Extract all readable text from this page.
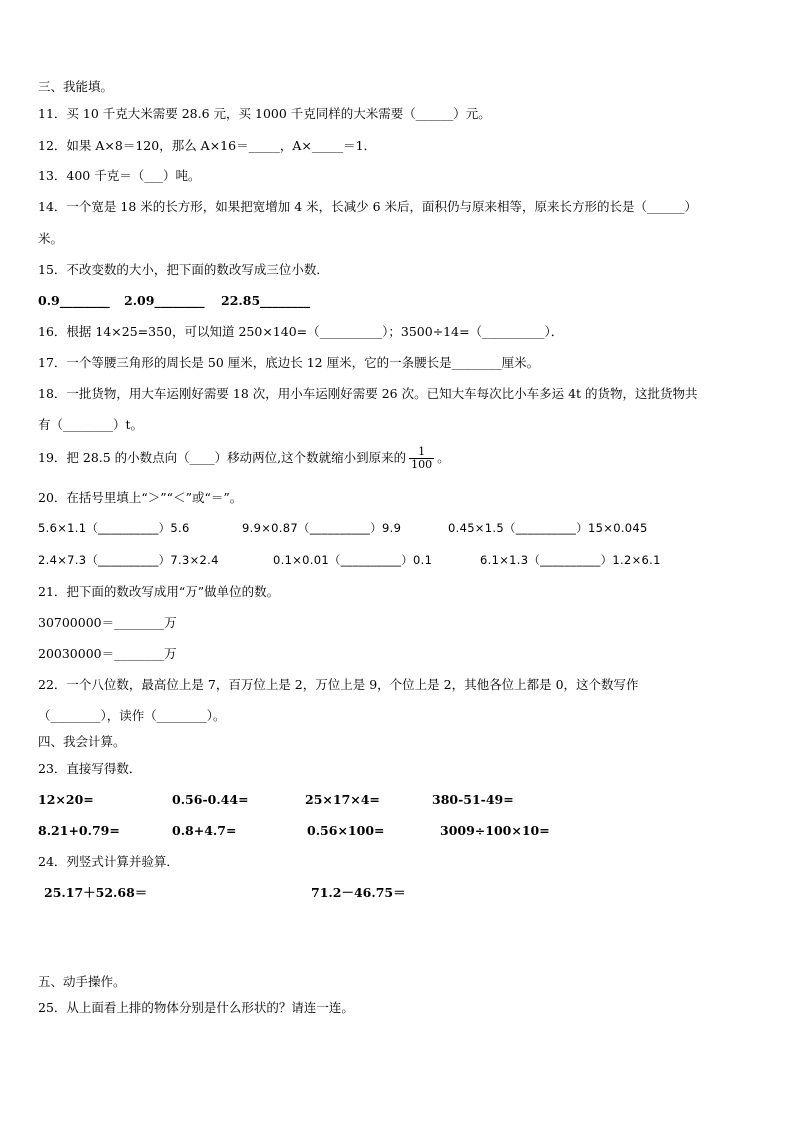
三、我能填。
11．买 10 千克大米需要 28.6 元，买 1000 千克同样的大米需要（______）元。
12．如果 A×8＝120，那么 A×16＝_____，A×_____＝1．
13．400 千克＝（___）吨。
14．一个宽是 18 米的长方形，如果把宽增加 4 米，长减少 6 米后，面积仍与原来相等，原来长方形的长是（______）
米。
15．不改变数的大小，把下面的数改写成三位小数．
0.9________ 2.09________ 22.85________
16．根据 14×25=350，可以知道 250×140=（__________）；3500÷14=（__________）．
17．一个等腰三角形的周长是 50 厘米，底边长 12 厘米，它的一条腰长是________厘米。
18．一批货物，用大车运刚好需要 18 次，用小车运刚好需要 26 次。已知大车每次比小车多运 4t 的货物，这批货物共
有（________）t。
19．把 28.5 的小数点向（____）移动两位,这个数就缩小到原来的 $\frac{1}{100}$ 。
20．在括号里填上“＞”“＜”或“＝”。
5.6×1.1（__________）5.6	9.9×0.87（__________）9.9	0.45×1.5（__________）15×0.045
2.4×7.3（__________）7.3×2.4	0.1×0.01（__________）0.1	6.1×1.3（__________）1.2×6.1
21．把下面的数改写成用“万”做单位的数。
30700000＝________万
20030000＝________万
22．一个八位数，最高位上是 7，百万位上是 2，万位上是 9，个位上是 2，其他各位上都是 0，这个数写作
（________），读作（________）。
四、我会计算。
23．直接写得数．
12×20=	0.56-0.44=	25×17×4=	380-51-49=
8.21+0.79=	0.8+4.7=	0.56×100=	3009÷100×10=
24．列竖式计算并验算．
25.17＋52.68＝	71.2－46.75＝
五、动手操作。
25．从上面看上排的物体分别是什么形状的？请连一连。
